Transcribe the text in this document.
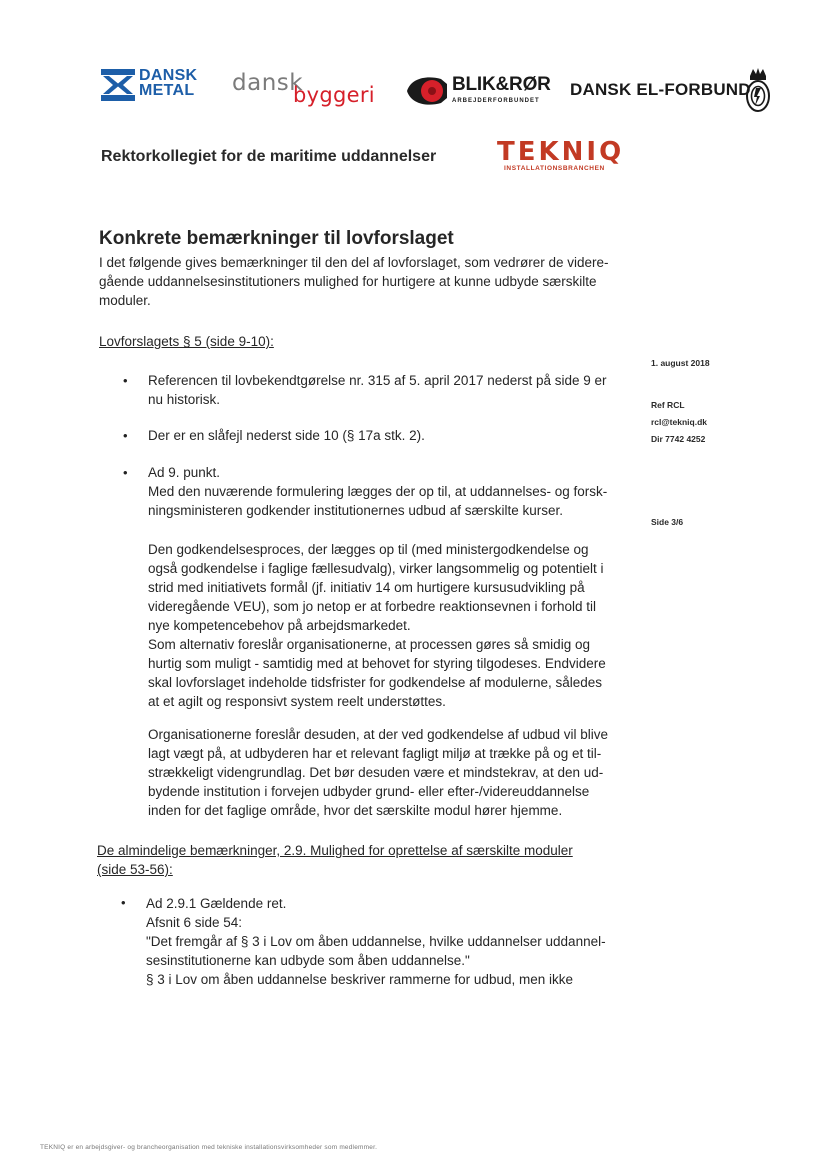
DANSK
METAL dansk
byggeri	BLIK&RØR
ARBEJDERFORBUNDET
DANSK EL-FORBUND
Rektorkollegiet for de maritime uddannelser TEKNIQ
INSTALLATIONSBRANCHEN
Konkrete bemærkninger til lovforslaget
I det følgende gives bemærkninger til den del af lovforslaget, som vedrører de videre-
gående uddannelsesinstitutioners mulighed for hurtigere at kunne udbyde særskilte
moduler.
Lovforslagets § 5 (side 9-10):
• Referencen til lovbekendtgørelse nr. 315 af 5. april 2017 nederst på side 9 er
nu historisk.
• Der er en slåfejl nederst side 10 (§ 17a stk. 2).
• Ad 9. punkt.
Med den nuværende formulering lægges der op til, at uddannelses- og forsk-
ningsministeren godkender institutionernes udbud af særskilte kurser.
Den godkendelsesproces, der lægges op til (med ministergodkendelse og
også godkendelse i faglige fællesudvalg), virker langsommelig og potentielt i
strid med initiativets formål (jf. initiativ 14 om hurtigere kursusudvikling på
videregående VEU), som jo netop er at forbedre reaktionsevnen i forhold til
nye kompetencebehov på arbejdsmarkedet.
Som alternativ foreslår organisationerne, at processen gøres så smidig og
hurtig som muligt - samtidig med at behovet for styring tilgodeses. Endvidere
skal lovforslaget indeholde tidsfrister for godkendelse af modulerne, således
at et agilt og responsivt system reelt understøttes.
Organisationerne foreslår desuden, at der ved godkendelse af udbud vil blive
lagt vægt på, at udbyderen har et relevant fagligt miljø at trække på og et til-
strækkeligt videngrundlag. Det bør desuden være et mindstekrav, at den ud-
bydende institution i forvejen udbyder grund- eller efter-/videreuddannelse
inden for det faglige område, hvor det særskilte modul hører hjemme.
De almindelige bemærkninger, 2.9. Mulighed for oprettelse af særskilte moduler
(side 53-56):
• Ad 2.9.1 Gældende ret.
Afsnit 6 side 54:
"Det fremgår af § 3 i Lov om åben uddannelse, hvilke uddannelser uddannel-
sesinstitutionerne kan udbyde som åben uddannelse."
§ 3 i Lov om åben uddannelse beskriver rammerne for udbud, men ikke
1. august 2018
Ref RCL
rcl@tekniq.dk
Dir 7742 4252
Side 3/6
TEKNIQ er en arbejdsgiver- og brancheorganisation med tekniske installationsvirksomheder som medlemmer.
